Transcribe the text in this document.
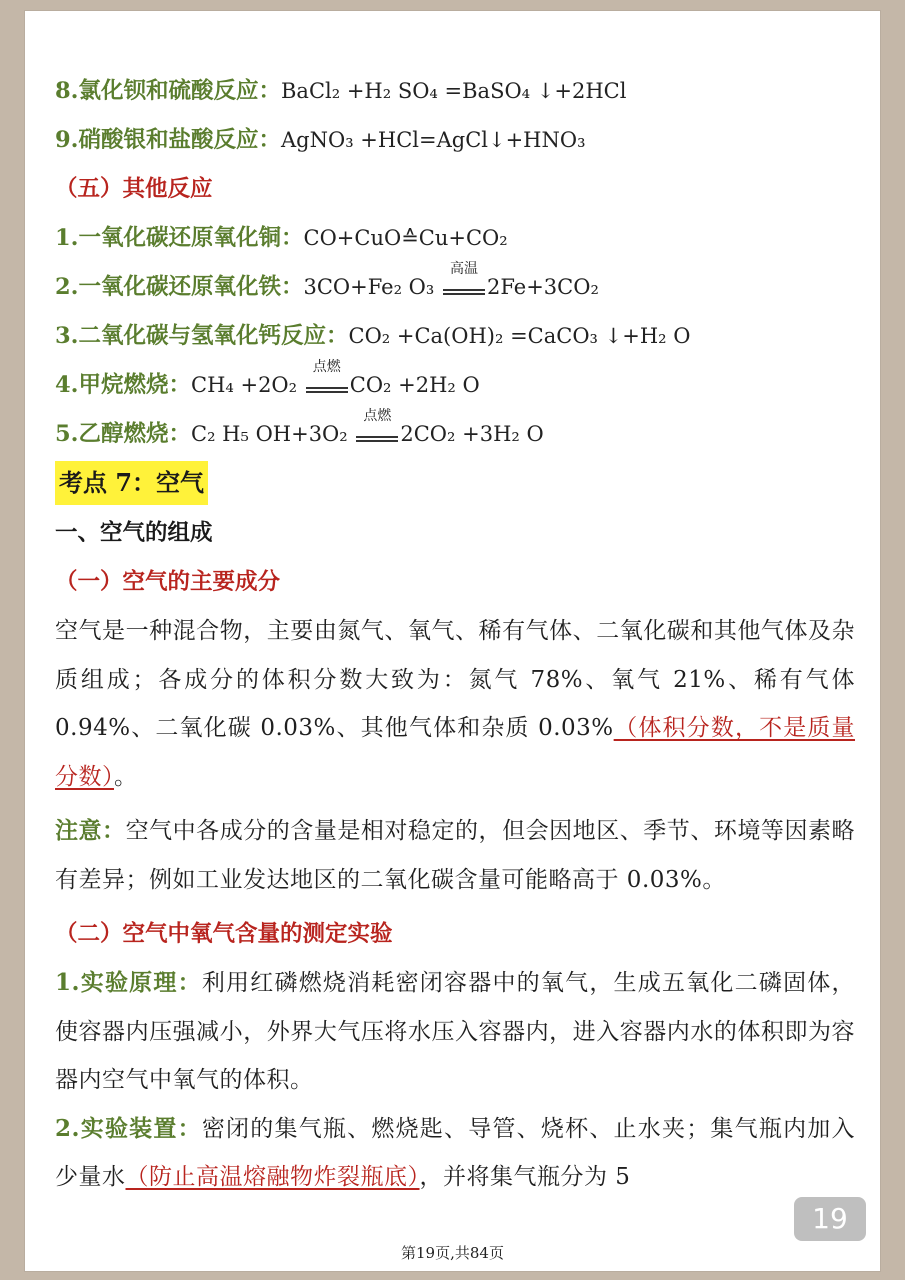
8.氯化钡和硫酸反应：BaCl₂ +H₂ SO₄ =BaSO₄ ↓+2HCl
9.硝酸银和盐酸反应：AgNO₃ +HCl=AgCl↓+HNO₃
（五）其他反应
1.一氧化碳还原氧化铜：CO+CuO≙Cu+CO₂
2.一氧化碳还原氧化铁：3CO+Fe₂ O₃
高温
2Fe+3CO₂
3.二氧化碳与氢氧化钙反应：CO₂ +Ca(OH)₂ =CaCO₃ ↓+H₂ O
4.甲烷燃烧：CH₄ +2O₂
点燃
CO₂ +2H₂ O
5.乙醇燃烧：C₂ H₅ OH+3O₂
点燃
2CO₂ +3H₂ O
考点 7：空气
一、空气的组成
（一）空气的主要成分

空气是一种混合物，主要由氮气、氧气、稀有气体、二氧化碳和其他气体及杂质组成；各成分的体积分数大致为：氮气 78%、氧气 21%、稀有气体 0.94%、二氧化碳 0.03%、其他气体和杂质 0.03%（体积分数，不是质量分数）。

注意：空气中各成分的含量是相对稳定的，但会因地区、季节、环境等因素略有差异；例如工业发达地区的二氧化碳含量可能略高于 0.03%。

（二）空气中氧气含量的测定实验

1.实验原理：利用红磷燃烧消耗密闭容器中的氧气，生成五氧化二磷固体，使容器内压强减小，外界大气压将水压入容器内，进入容器内水的体积即为容器内空气中氧气的体积。

2.实验装置：密闭的集气瓶、燃烧匙、导管、烧杯、止水夹；集气瓶内加入少量水（防止高温熔融物炸裂瓶底），并将集气瓶分为 5

19
第19页,共84页
